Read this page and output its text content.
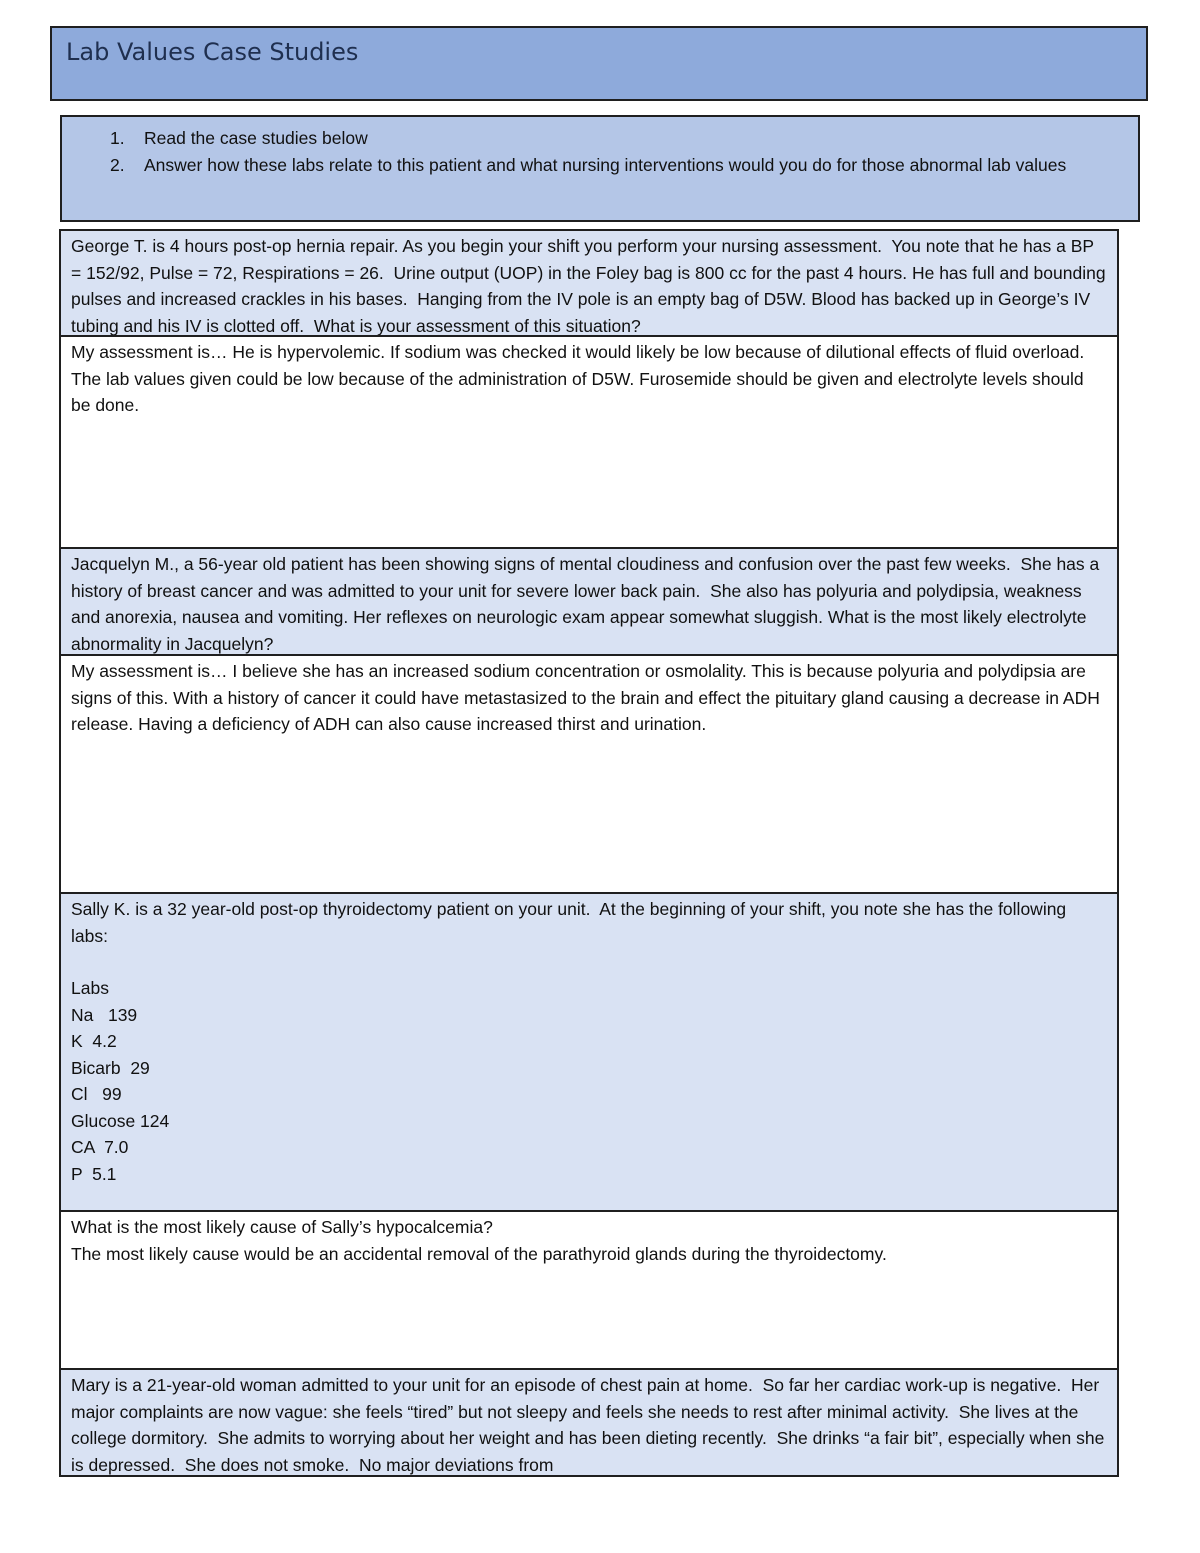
Lab Values Case Studies
1. Read the case studies below
2. Answer how these labs relate to this patient and what nursing interventions would you do for those abnormal lab values

George T. is 4 hours post-op hernia repair. As you begin your shift you perform your nursing assessment.  You note that he has a BP = 152/92, Pulse = 72, Respirations = 26.  Urine output (UOP) in the Foley bag is 800 cc for the past 4 hours. He has full and bounding pulses and increased crackles in his bases.  Hanging from the IV pole is an empty bag of D5W. Blood has backed up in George’s IV tubing and his IV is clotted off.  What is your assessment of this situation?

My assessment is… He is hypervolemic. If sodium was checked it would likely be low because of dilutional effects of fluid overload. The lab values given could be low because of the administration of D5W. Furosemide should be given and electrolyte levels should be done.

Jacquelyn M., a 56-year old patient has been showing signs of mental cloudiness and confusion over the past few weeks.  She has a history of breast cancer and was admitted to your unit for severe lower back pain.  She also has polyuria and polydipsia, weakness and anorexia, nausea and vomiting. Her reflexes on neurologic exam appear somewhat sluggish. What is the most likely electrolyte abnormality in Jacquelyn?

My assessment is… I believe she has an increased sodium concentration or osmolality. This is because polyuria and polydipsia are signs of this. With a history of cancer it could have metastasized to the brain and effect the pituitary gland causing a decrease in ADH release. Having a deficiency of ADH can also cause increased thirst and urination.

Sally K. is a 32 year-old post-op thyroidectomy patient on your unit.  At the beginning of your shift, you note she has the following labs:

Labs
Na   139
K  4.2
Bicarb  29
Cl   99
Glucose 124
CA  7.0
P  5.1

What is the most likely cause of Sally’s hypocalcemia?

The most likely cause would be an accidental removal of the parathyroid glands during the thyroidectomy.

Mary is a 21-year-old woman admitted to your unit for an episode of chest pain at home.  So far her cardiac work-up is negative.  Her major complaints are now vague: she feels “tired” but not sleepy and feels she needs to rest after minimal activity.  She lives at the college dormitory.  She admits to worrying about her weight and has been dieting recently.  She drinks “a fair bit”, especially when she is depressed.  She does not smoke.  No major deviations from
